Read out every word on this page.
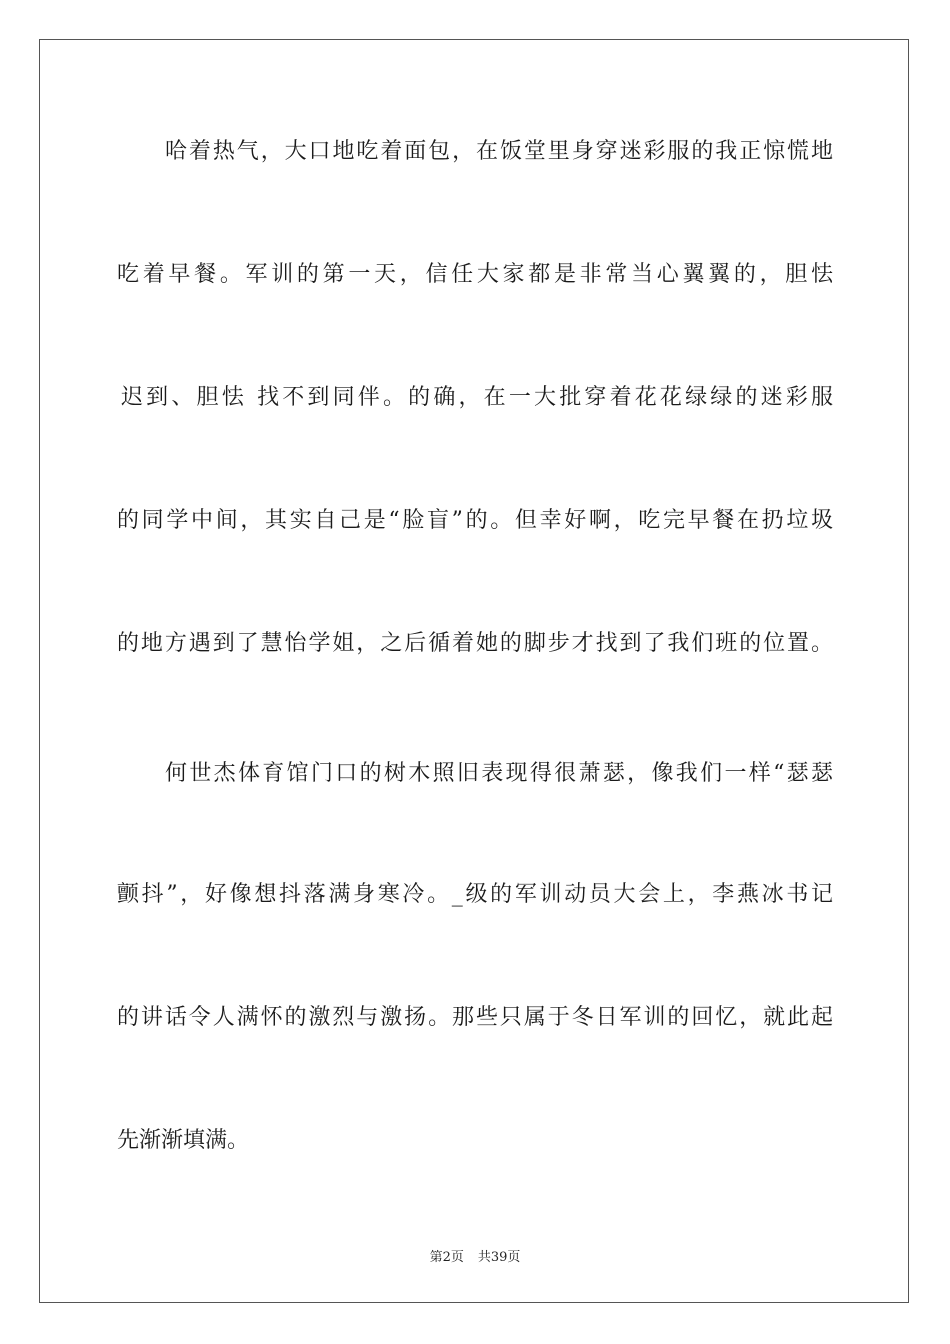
哈着热气，大口地吃着面包，在饭堂里身穿迷彩服的我正惊慌地
吃着早餐。军训的第一天，信任大家都是非常当心翼翼的，胆怯
迟到、胆怯 找不到同伴。的确，在一大批穿着花花绿绿的迷彩服
的同学中间，其实自己是“脸盲”的。但幸好啊，吃完早餐在扔垃圾
的地方遇到了慧怡学姐，之后循着她的脚步才找到了我们班的位置。
何世杰体育馆门口的树木照旧表现得很萧瑟，像我们一样“瑟瑟
颤抖”，好像想抖落满身寒冷。_级的军训动员大会上，李燕冰书记
的讲话令人满怀的激烈与激扬。那些只属于冬日军训的回忆，就此起
先渐渐填满。
第2页 共39页
